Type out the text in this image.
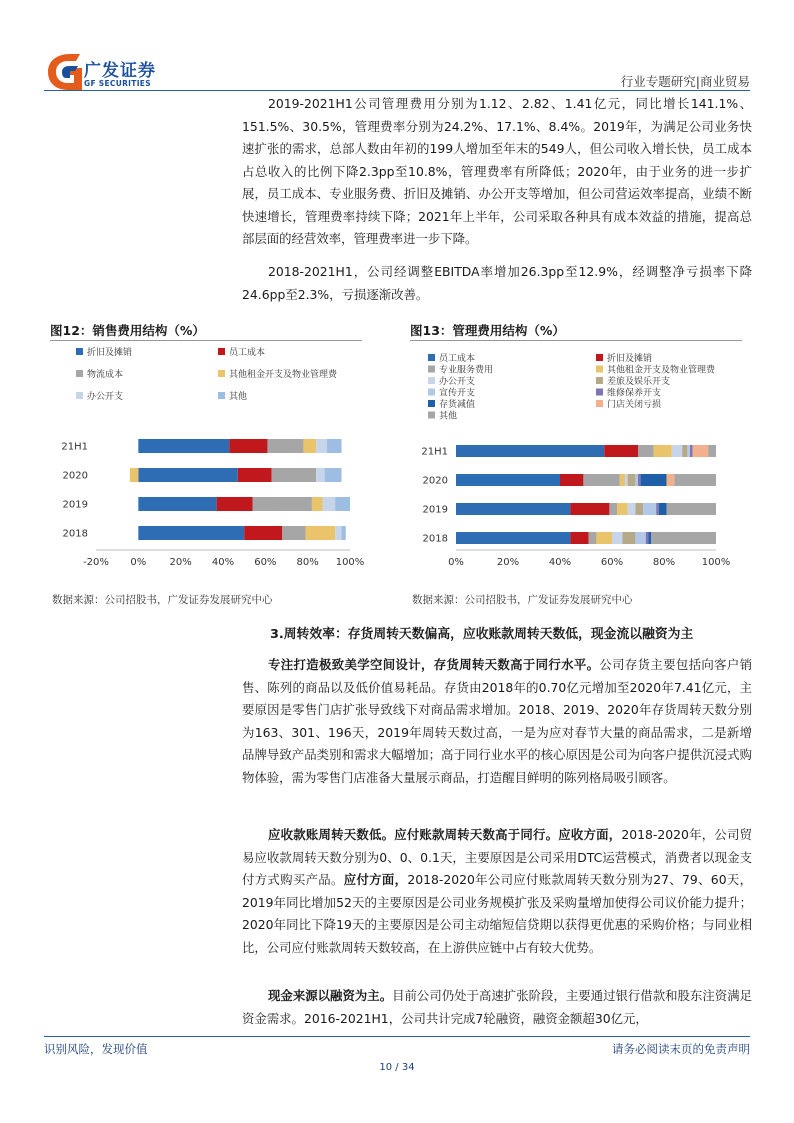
广发证券
GF SECURITIES	行业专题研究|商业贸易

2019-2021H1公司管理费用分别为1.12、2.82、1.41亿元，同比增长141.1%、151.5%、30.5%，管理费率分别为24.2%、17.1%、8.4%。2019年，为满足公司业务快速扩张的需求，总部人数由年初的199人增加至年末的549人，但公司收入增长快，员工成本占总收入的比例下降2.3pp至10.8%，管理费率有所降低；2020年，由于业务的进一步扩展，员工成本、专业服务费、折旧及摊销、办公开支等增加，但公司营运效率提高，业绩不断快速增长，管理费率持续下降；2021年上半年，公司采取各种具有成本效益的措施，提高总部层面的经营效率，管理费率进一步下降。

2018-2021H1，公司经调整EBITDA率增加26.3pp至12.9%，经调整净亏损率下降24.6pp至2.3%，亏损逐渐改善。

图12：销售费用结构（%）	图13：管理费用结构（%）
折旧及摊销	员工成本
物流成本	其他租金开支及物业管理费
办公开支	其他
21H1
2020
2019
2018
-20% 0% 20% 40% 60% 80% 100%
员工成本	折旧及摊销
专业服务费用	其他租金开支及物业管理费
办公开支	差旅及娱乐开支
宣传开支	维修保养开支
存货减值	门店关闭亏损
其他
21H1
2020
2019
2018
0%	20%	40%	60%	80%	100%
数据来源：公司招股书，广发证券发展研究中心	数据来源：公司招股书，广发证券发展研究中心
3.周转效率：存货周转天数偏高，应收账款周转天数低，现金流以融资为主

专注打造极致美学空间设计，存货周转天数高于同行水平。公司存货主要包括向客户销售、陈列的商品以及低价值易耗品。存货由2018年的0.70亿元增加至2020年7.41亿元，主要原因是零售门店扩张导致线下对商品需求增加。2018、2019、2020年存货周转天数分别为163、301、196天，2019年周转天数过高，一是为应对春节大量的商品需求，二是新增品牌导致产品类别和需求大幅增加；高于同行业水平的核心原因是公司为向客户提供沉浸式购物体验，需为零售门店准备大量展示商品，打造醒目鲜明的陈列格局吸引顾客。

应收款账周转天数低。应付账款周转天数高于同行。应收方面，2018-2020年，公司贸易应收款周转天数分别为0、0、0.1天，主要原因是公司采用DTC运营模式，消费者以现金支付方式购买产品。应付方面，2018-2020年公司应付账款周转天数分别为27、79、60天，2019年同比增加52天的主要原因是公司业务规模扩张及采购量增加使得公司议价能力提升；2020年同比下降19天的主要原因是公司主动缩短信贷期以获得更优惠的采购价格；与同业相比，公司应付账款周转天数较高，在上游供应链中占有较大优势。

现金来源以融资为主。目前公司仍处于高速扩张阶段，主要通过银行借款和股东注资满足资金需求。2016-2021H1，公司共计完成7轮融资，融资金额超30亿元，

识别风险，发现价值	请务必阅读末页的免责声明
10 / 34
